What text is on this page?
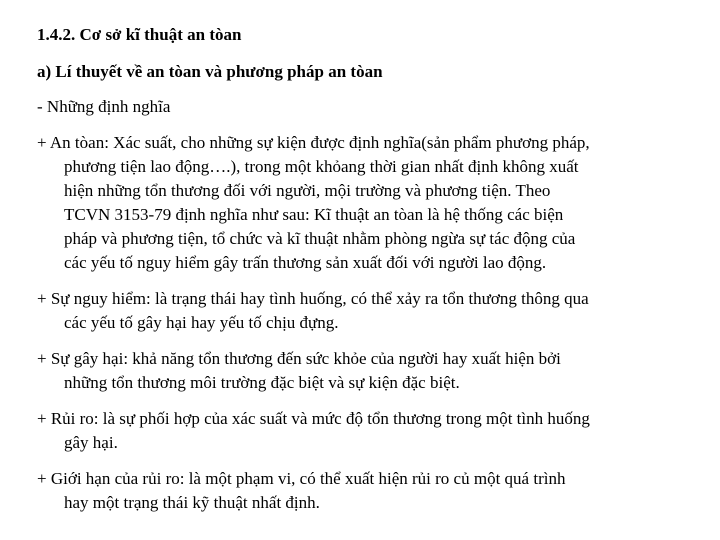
1.4.2. Cơ sở kĩ thuật an tòan
a) Lí thuyết về an tòan và phương pháp an tòan
- Những định nghĩa
+ An tòan: Xác suất, cho những sự kiện được định nghĩa(sản phẩm phương pháp,
phương tiện lao động….), trong một khỏang thời gian nhất định không xuất
hiện những tổn thương đối với người, mội trường và phương tiện. Theo
TCVN 3153-79 định nghĩa như sau: Kĩ thuật an tòan là hệ thống các biện
pháp và phương tiện, tổ chức và kĩ thuật nhằm phòng ngừa sự tác động của
các yếu tố nguy hiểm gây trấn thương sản xuất đối với người lao động.
+ Sự nguy hiểm: là trạng thái hay tình huống, có thể xảy ra tổn thương thông qua
các yếu tố gây hại hay yếu tố chịu đựng.
+ Sự gây hại: khả năng tổn thương đến sức khỏe của người hay xuất hiện bởi
những tổn thương môi trường đặc biệt và sự kiện đặc biệt.
+ Rủi ro: là sự phối hợp của xác suất và mức độ tổn thương trong một tình huống
gây hại.
+ Giới hạn của rủi ro: là một phạm vi, có thể xuất hiện rủi ro củ một quá trình
hay một trạng thái kỹ thuật nhất định.
